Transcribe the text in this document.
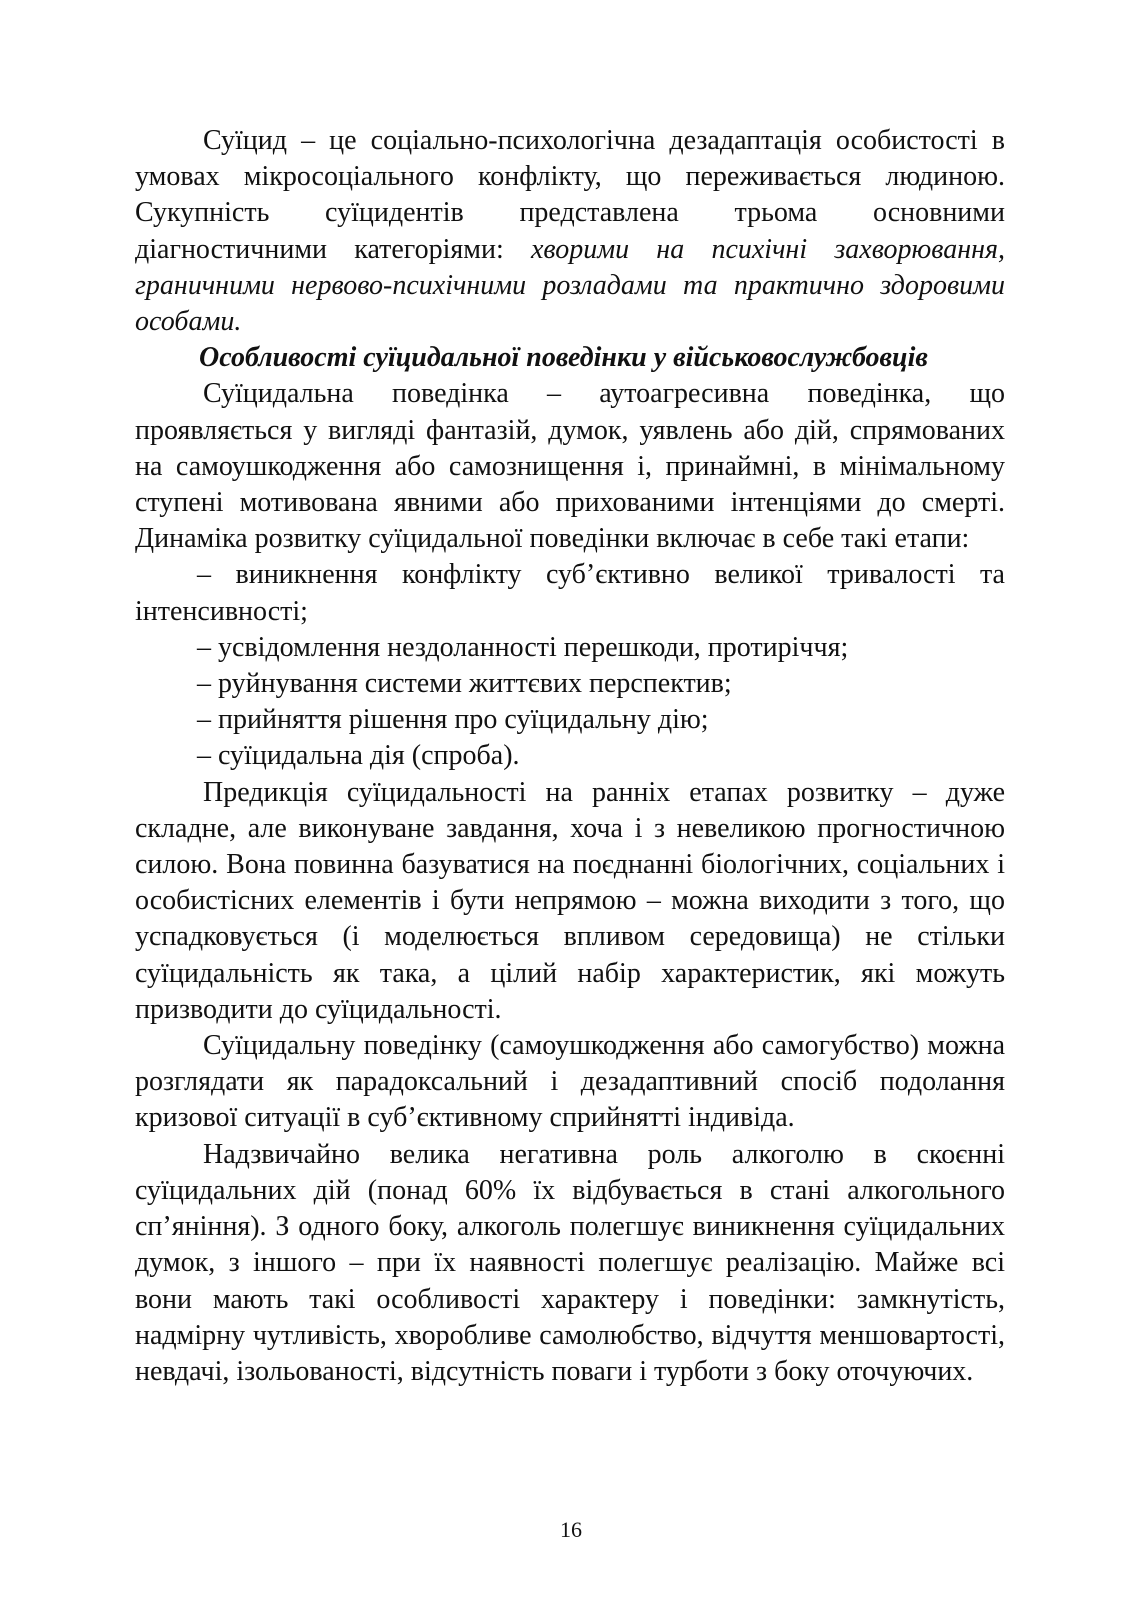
Суїцид – це соціально-психологічна дезадаптація особистості в умовах мікросоціального конфлікту, що переживається людиною. Сукупність суїцидентів представлена трьома основними діагностичними категоріями: хворими на психічні захворювання, граничними нервово-психічними розладами та практично здоровими особами.

Особливості суїцидальної поведінки у військовослужбовців

Суїцидальна поведінка – аутоагресивна поведінка, що проявляється у вигляді фантазій, думок, уявлень або дій, спрямованих на самоушкодження або самознищення і, принаймні, в мінімальному ступені мотивована явними або прихованими інтенціями до смерті. Динаміка розвитку суїцидальної поведінки включає в себе такі етапи:

– виникнення конфлікту суб’єктивно великої тривалості та інтенсивності;

– усвідомлення нездоланності перешкоди, протиріччя;

– руйнування системи життєвих перспектив;

– прийняття рішення про суїцидальну дію;

– суїцидальна дія (спроба).

Предикція суїцидальності на ранніх етапах розвитку – дуже складне, але виконуване завдання, хоча і з невеликою прогностичною силою. Вона повинна базуватися на поєднанні біологічних, соціальних і особистісних елементів і бути непрямою – можна виходити з того, що успадковується (і моделюється впливом середовища) не стільки суїцидальність як така, а цілий набір характеристик, які можуть призводити до суїцидальності.

Суїцидальну поведінку (самоушкодження або самогубство) можна розглядати як парадоксальний і дезадаптивний спосіб подолання кризової ситуації в суб’єктивному сприйнятті індивіда.

Надзвичайно велика негативна роль алкоголю в скоєнні суїцидальних дій (понад 60% їх відбувається в стані алкогольного сп’яніння). З одного боку, алкоголь полегшує виникнення суїцидальних думок, з іншого – при їх наявності полегшує реалізацію. Майже всі вони мають такі особливості характеру і поведінки: замкнутість, надмірну чутливість, хворобливе самолюбство, відчуття меншовартості, невдачі, ізольованості, відсутність поваги і турботи з боку оточуючих.

16
